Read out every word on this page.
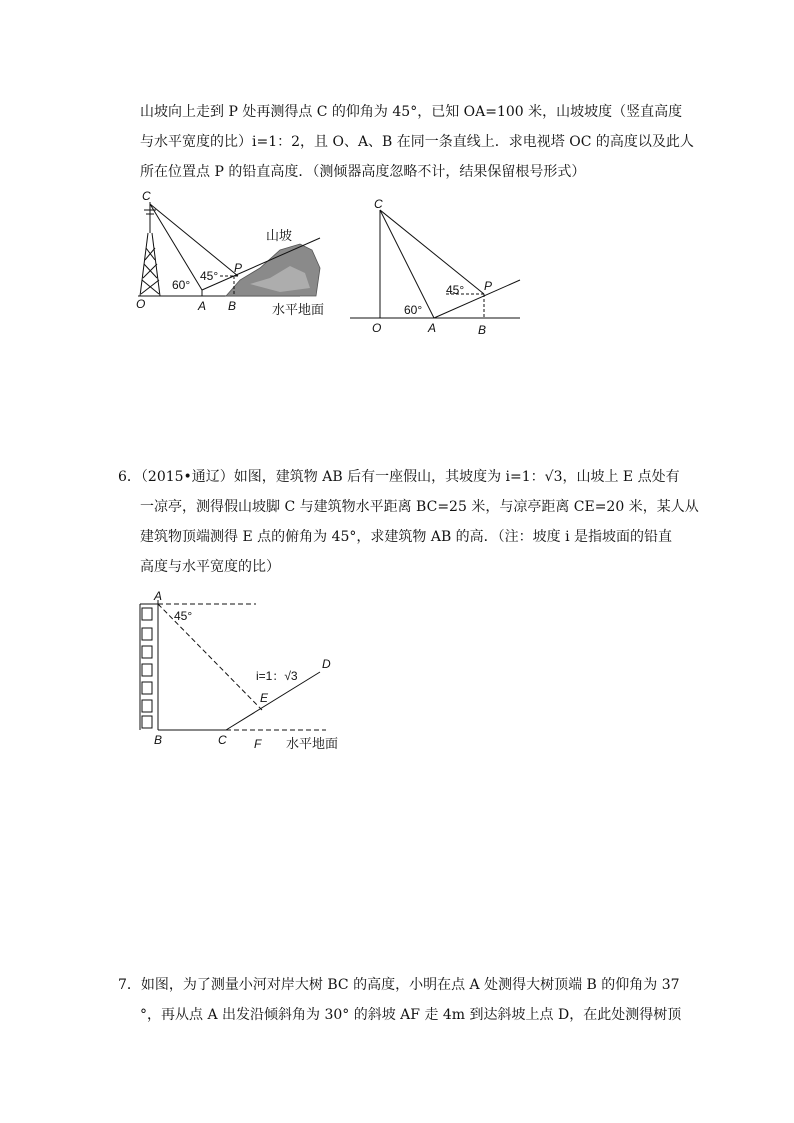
山坡向上走到 P 处再测得点 C 的仰角为 45°，已知 OA=100 米，山坡坡度（竖直高度
与水平宽度的比）i=1：2，且 O、A、B 在同一条直线上．求电视塔 OC 的高度以及此人
所在位置点 P 的铅直高度．（测倾器高度忽略不计，结果保留根号形式）
C
O	A B
P
60°
45°
山坡
水平地面
C
O	A	B
P
60°
45°
6．（2015•通辽）如图，建筑物 AB 后有一座假山，其坡度为 i=1：√3，山坡上 E 点处有
一凉亭，测得假山坡脚 C 与建筑物水平距离 BC=25 米，与凉亭距离 CE=20 米，某人从
建筑物顶端测得 E 点的俯角为 45°，求建筑物 AB 的高．（注：坡度 i 是指坡面的铅直
高度与水平宽度的比）
A
B	C
D
E
F
45°
i=1：√3
水平地面
7．如图，为了测量小河对岸大树 BC 的高度，小明在点 A 处测得大树顶端 B 的仰角为 37
°，再从点 A 出发沿倾斜角为 30° 的斜坡 AF 走 4m 到达斜坡上点 D，在此处测得树顶
